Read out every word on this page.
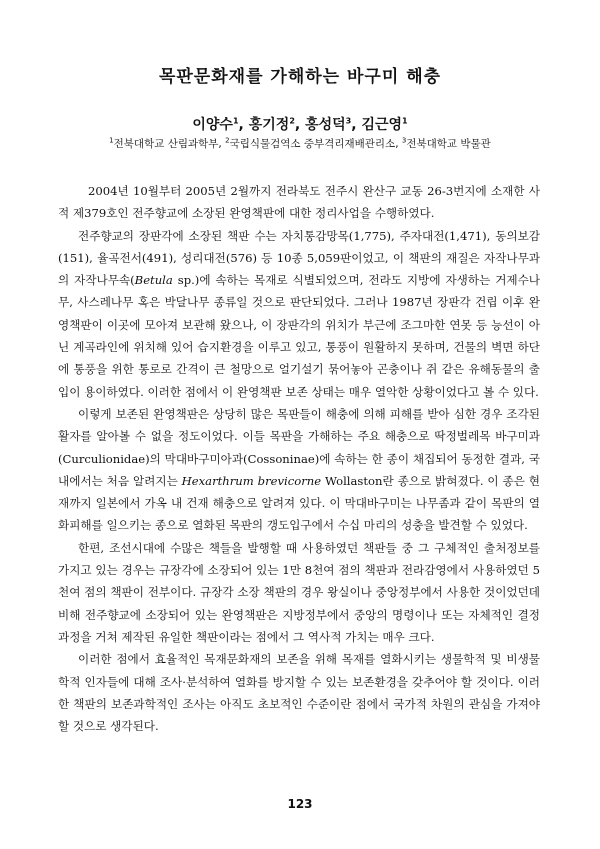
목판문화재를 가해하는 바구미 해충
이양수$^1$, 홍기정$^2$, 홍성덕$^3$, 김근영$^1$
$^1$전북대학교 산림과학부, $^2$국립식물검역소 중부격리재배관리소, $^3$전북대학교 박물관

2004년 10월부터 2005년 2월까지 전라북도 전주시 완산구 교동 26-3번지에 소재한 사적 제379호인 전주향교에 소장된 완영책판에 대한 정리사업을 수행하였다.

전주향교의 장판각에 소장된 책판 수는 자치통감망목(1,775), 주자대전(1,471), 동의보감(151), 율곡전서(491), 성리대전(576) 등 10종 5,059판이었고, 이 책판의 재질은 자작나무과의 자작나무속(Betula sp.)에 속하는 목재로 식별되었으며, 전라도 지방에 자생하는 거제수나무, 사스레나무 혹은 박달나무 종류일 것으로 판단되었다. 그러나 1987년 장판각 건립 이후 완영책판이 이곳에 모아져 보관해 왔으나, 이 장판각의 위치가 부근에 조그마한 연못 등 능선이 아닌 계곡라인에 위치해 있어 습지환경을 이루고 있고, 통풍이 원활하지 못하며, 건물의 벽면 하단에 통풍을 위한 통로로 간격이 큰 철망으로 얼기설기 묶어놓아 곤충이나 쥐 같은 유해동물의 출입이 용이하였다. 이러한 점에서 이 완영책판 보존 상태는 매우 열악한 상황이었다고 볼 수 있다.

이렇게 보존된 완영책판은 상당히 많은 목판들이 해충에 의해 피해를 받아 심한 경우 조각된 활자를 알아볼 수 없을 정도이었다. 이들 목판을 가해하는 주요 해충으로 딱정벌레목 바구미과(Curculionidae)의 막대바구미아과(Cossoninae)에 속하는 한 종이 채집되어 동정한 결과, 국내에서는 처음 알려지는 Hexarthrum brevicorne Wollaston란 종으로 밝혀졌다. 이 종은 현재까지 일본에서 가옥 내 건재 해충으로 알려져 있다. 이 막대바구미는 나무좀과 같이 목판의 열화피해를 일으키는 종으로 열화된 목판의 갱도입구에서 수십 마리의 성충을 발견할 수 있었다.

한편, 조선시대에 수많은 책들을 발행할 때 사용하였던 책판들 중 그 구체적인 출처정보를 가지고 있는 경우는 규장각에 소장되어 있는 1만 8천여 점의 책판과 전라감영에서 사용하였던 5천여 점의 책판이 전부이다. 규장각 소장 책판의 경우 왕실이나 중앙정부에서 사용한 것이었던데 비해 전주향교에 소장되어 있는 완영책판은 지방정부에서 중앙의 명령이나 또는 자체적인 결정과정을 거쳐 제작된 유일한 책판이라는 점에서 그 역사적 가치는 매우 크다.

이러한 점에서 효율적인 목재문화재의 보존을 위해 목재를 열화시키는 생물학적 및 비생물학적 인자들에 대해 조사·분석하여 열화를 방지할 수 있는 보존환경을 갖추어야 할 것이다. 이러한 책판의 보존과학적인 조사는 아직도 초보적인 수준이란 점에서 국가적 차원의 관심을 가져야 할 것으로 생각된다.

123
